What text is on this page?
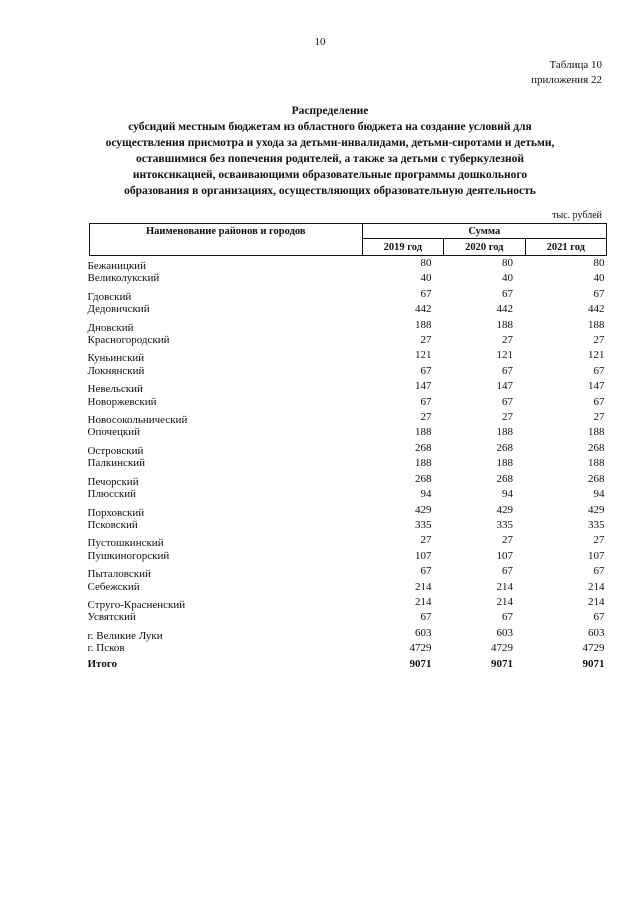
10
Таблица 10
приложения 22
Распределение
субсидий местным бюджетам из областного бюджета на создание условий для
осуществления присмотра и ухода за детьми-инвалидами, детьми-сиротами и детьми,
оставшимися без попечения родителей, а также за детьми с туберкулезной
интоксикацией, осваивающими образовательные программы дошкольного
образования в организациях, осуществляющих образовательную деятельность
тыс. рублей
Наименование районов и городов	Сумма
2019 год	2020 год	2021 год
Бежаницкий	80	80	80
Великолукский	40	40	40
Гдовский	67	67	67
Дедовичский	442	442	442
Дновский	188	188	188
Красногородский	27	27	27
Куньинский	121	121	121
Локнянский	67	67	67
Невельский	147	147	147
Новоржевский	67	67	67
Новосокольнический	27	27	27
Опочецкий	188	188	188
Островский	268	268	268
Палкинский	188	188	188
Печорский	268	268	268
Плюсский	94	94	94
Порховский	429	429	429
Псковский	335	335	335
Пустошкинский	27	27	27
Пушкиногорский	107	107	107
Пыталовский	67	67	67
Себежский	214	214	214
Струго-Красненский	214	214	214
Усвятский	67	67	67
г. Великие Луки	603	603	603
г. Псков	4729	4729	4729
Итого	9071	9071	9071
